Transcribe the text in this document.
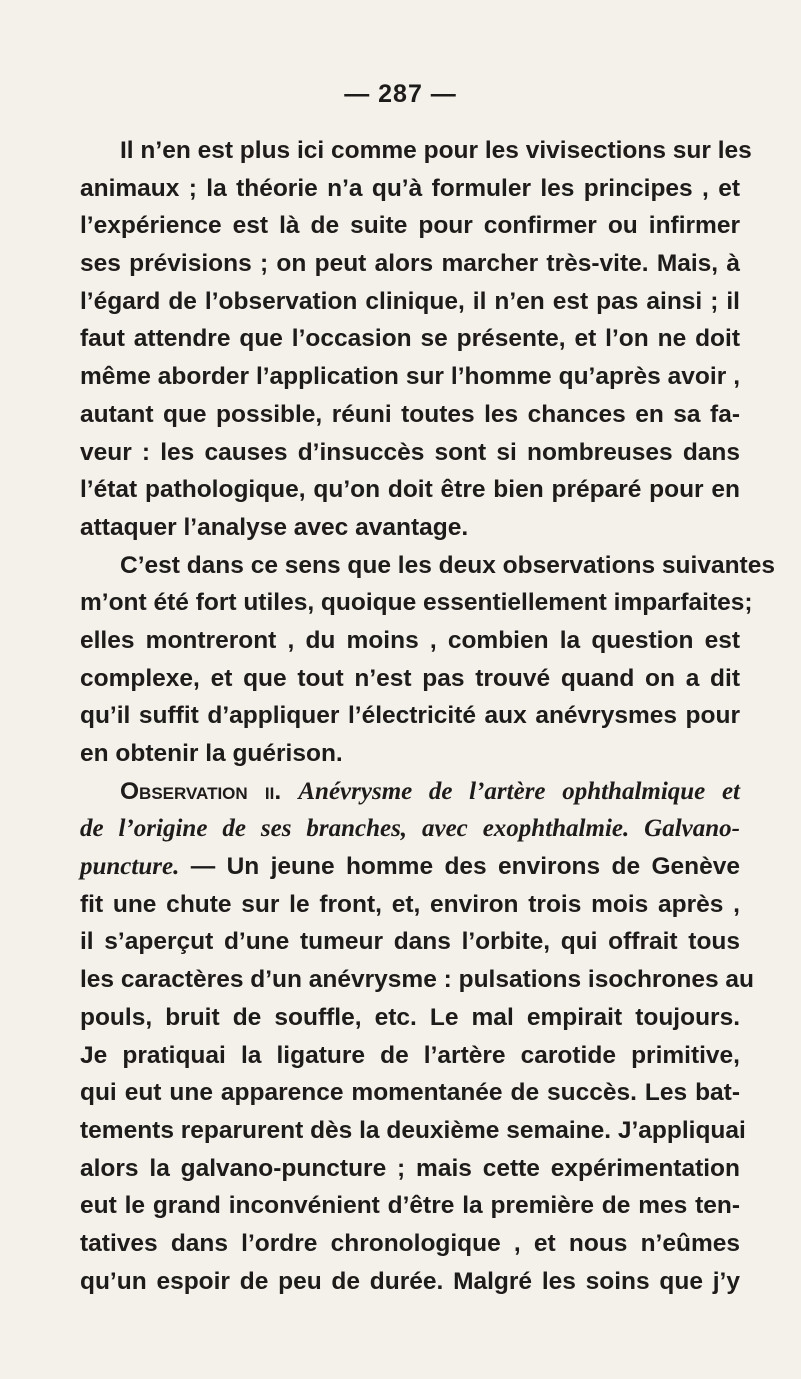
— 287 —
Il n’en est plus ici comme pour les vivisections sur les
animaux ; la théorie n’a qu’à formuler les principes , et
l’expérience est là de suite pour confirmer ou infirmer
ses prévisions ; on peut alors marcher très-vite. Mais, à
l’égard de l’observation clinique, il n’en est pas ainsi ; il
faut attendre que l’occasion se présente, et l’on ne doit
même aborder l’application sur l’homme qu’après avoir ,
autant que possible, réuni toutes les chances en sa fa-
veur : les causes d’insuccès sont si nombreuses dans
l’état pathologique, qu’on doit être bien préparé pour en
attaquer l’analyse avec avantage.
C’est dans ce sens que les deux observations suivantes
m’ont été fort utiles, quoique essentiellement imparfaites;
elles montreront , du moins , combien la question est
complexe, et que tout n’est pas trouvé quand on a dit
qu’il suffit d’appliquer l’électricité aux anévrysmes pour
en obtenir la guérison.
Observation ii. Anévrysme de l’artère ophthalmique et
de l’origine de ses branches, avec exophthalmie. Galvano-
puncture. — Un jeune homme des environs de Genève
fit une chute sur le front, et, environ trois mois après ,
il s’aperçut d’une tumeur dans l’orbite, qui offrait tous
les caractères d’un anévrysme : pulsations isochrones au
pouls, bruit de souffle, etc. Le mal empirait toujours.
Je pratiquai la ligature de l’artère carotide primitive,
qui eut une apparence momentanée de succès. Les bat-
tements reparurent dès la deuxième semaine. J’appliquai
alors la galvano-puncture ; mais cette expérimentation
eut le grand inconvénient d’être la première de mes ten-
tatives dans l’ordre chronologique , et nous n’eûmes
qu’un espoir de peu de durée. Malgré les soins que j’y
